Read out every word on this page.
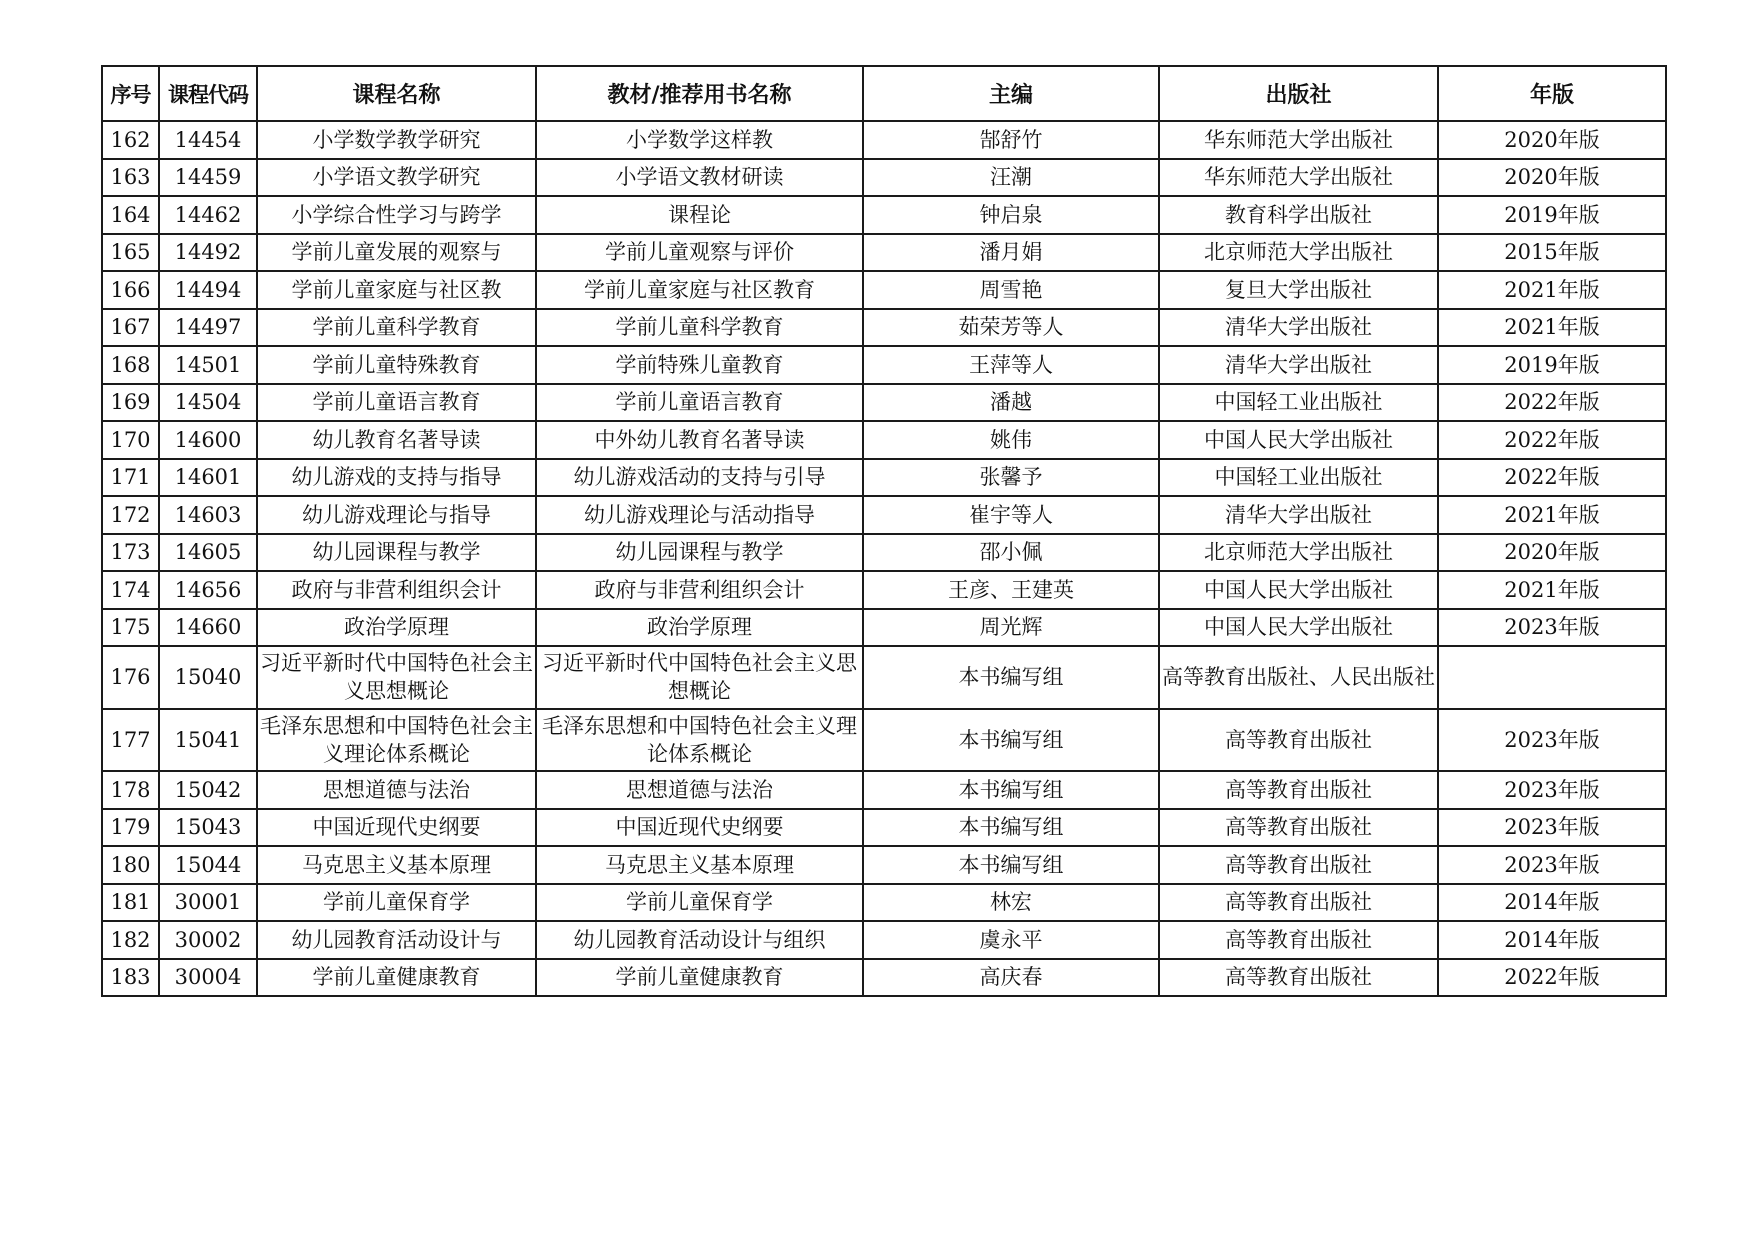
序号	课程代码	课程名称	教材/推荐用书名称	主编	出版社	年版
162	14454	小学数学教学研究	小学数学这样教	郜舒竹	华东师范大学出版社	2020年版
163	14459	小学语文教学研究	小学语文教材研读	汪潮	华东师范大学出版社	2020年版
164	14462	小学综合性学习与跨学	课程论	钟启泉	教育科学出版社	2019年版
165	14492	学前儿童发展的观察与	学前儿童观察与评价	潘月娟	北京师范大学出版社	2015年版
166	14494	学前儿童家庭与社区教	学前儿童家庭与社区教育	周雪艳	复旦大学出版社	2021年版
167	14497	学前儿童科学教育	学前儿童科学教育	茹荣芳等人	清华大学出版社	2021年版
168	14501	学前儿童特殊教育	学前特殊儿童教育	王萍等人	清华大学出版社	2019年版
169	14504	学前儿童语言教育	学前儿童语言教育	潘越	中国轻工业出版社	2022年版
170	14600	幼儿教育名著导读	中外幼儿教育名著导读	姚伟	中国人民大学出版社	2022年版
171	14601	幼儿游戏的支持与指导	幼儿游戏活动的支持与引导	张馨予	中国轻工业出版社	2022年版
172	14603	幼儿游戏理论与指导	幼儿游戏理论与活动指导	崔宇等人	清华大学出版社	2021年版
173	14605	幼儿园课程与教学	幼儿园课程与教学	邵小佩	北京师范大学出版社	2020年版
174	14656	政府与非营利组织会计	政府与非营利组织会计	王彦、王建英	中国人民大学出版社	2021年版
175	14660	政治学原理	政治学原理	周光辉	中国人民大学出版社	2023年版
176	15040	习近平新时代中国特色社会主义思想概论	习近平新时代中国特色社会主义思想概论	本书编写组	高等教育出版社、人民出版社	
177	15041	毛泽东思想和中国特色社会主义理论体系概论	毛泽东思想和中国特色社会主义理论体系概论	本书编写组	高等教育出版社	2023年版
178	15042	思想道德与法治	思想道德与法治	本书编写组	高等教育出版社	2023年版
179	15043	中国近现代史纲要	中国近现代史纲要	本书编写组	高等教育出版社	2023年版
180	15044	马克思主义基本原理	马克思主义基本原理	本书编写组	高等教育出版社	2023年版
181	30001	学前儿童保育学	学前儿童保育学	林宏	高等教育出版社	2014年版
182	30002	幼儿园教育活动设计与	幼儿园教育活动设计与组织	虞永平	高等教育出版社	2014年版
183	30004	学前儿童健康教育	学前儿童健康教育	高庆春	高等教育出版社	2022年版
